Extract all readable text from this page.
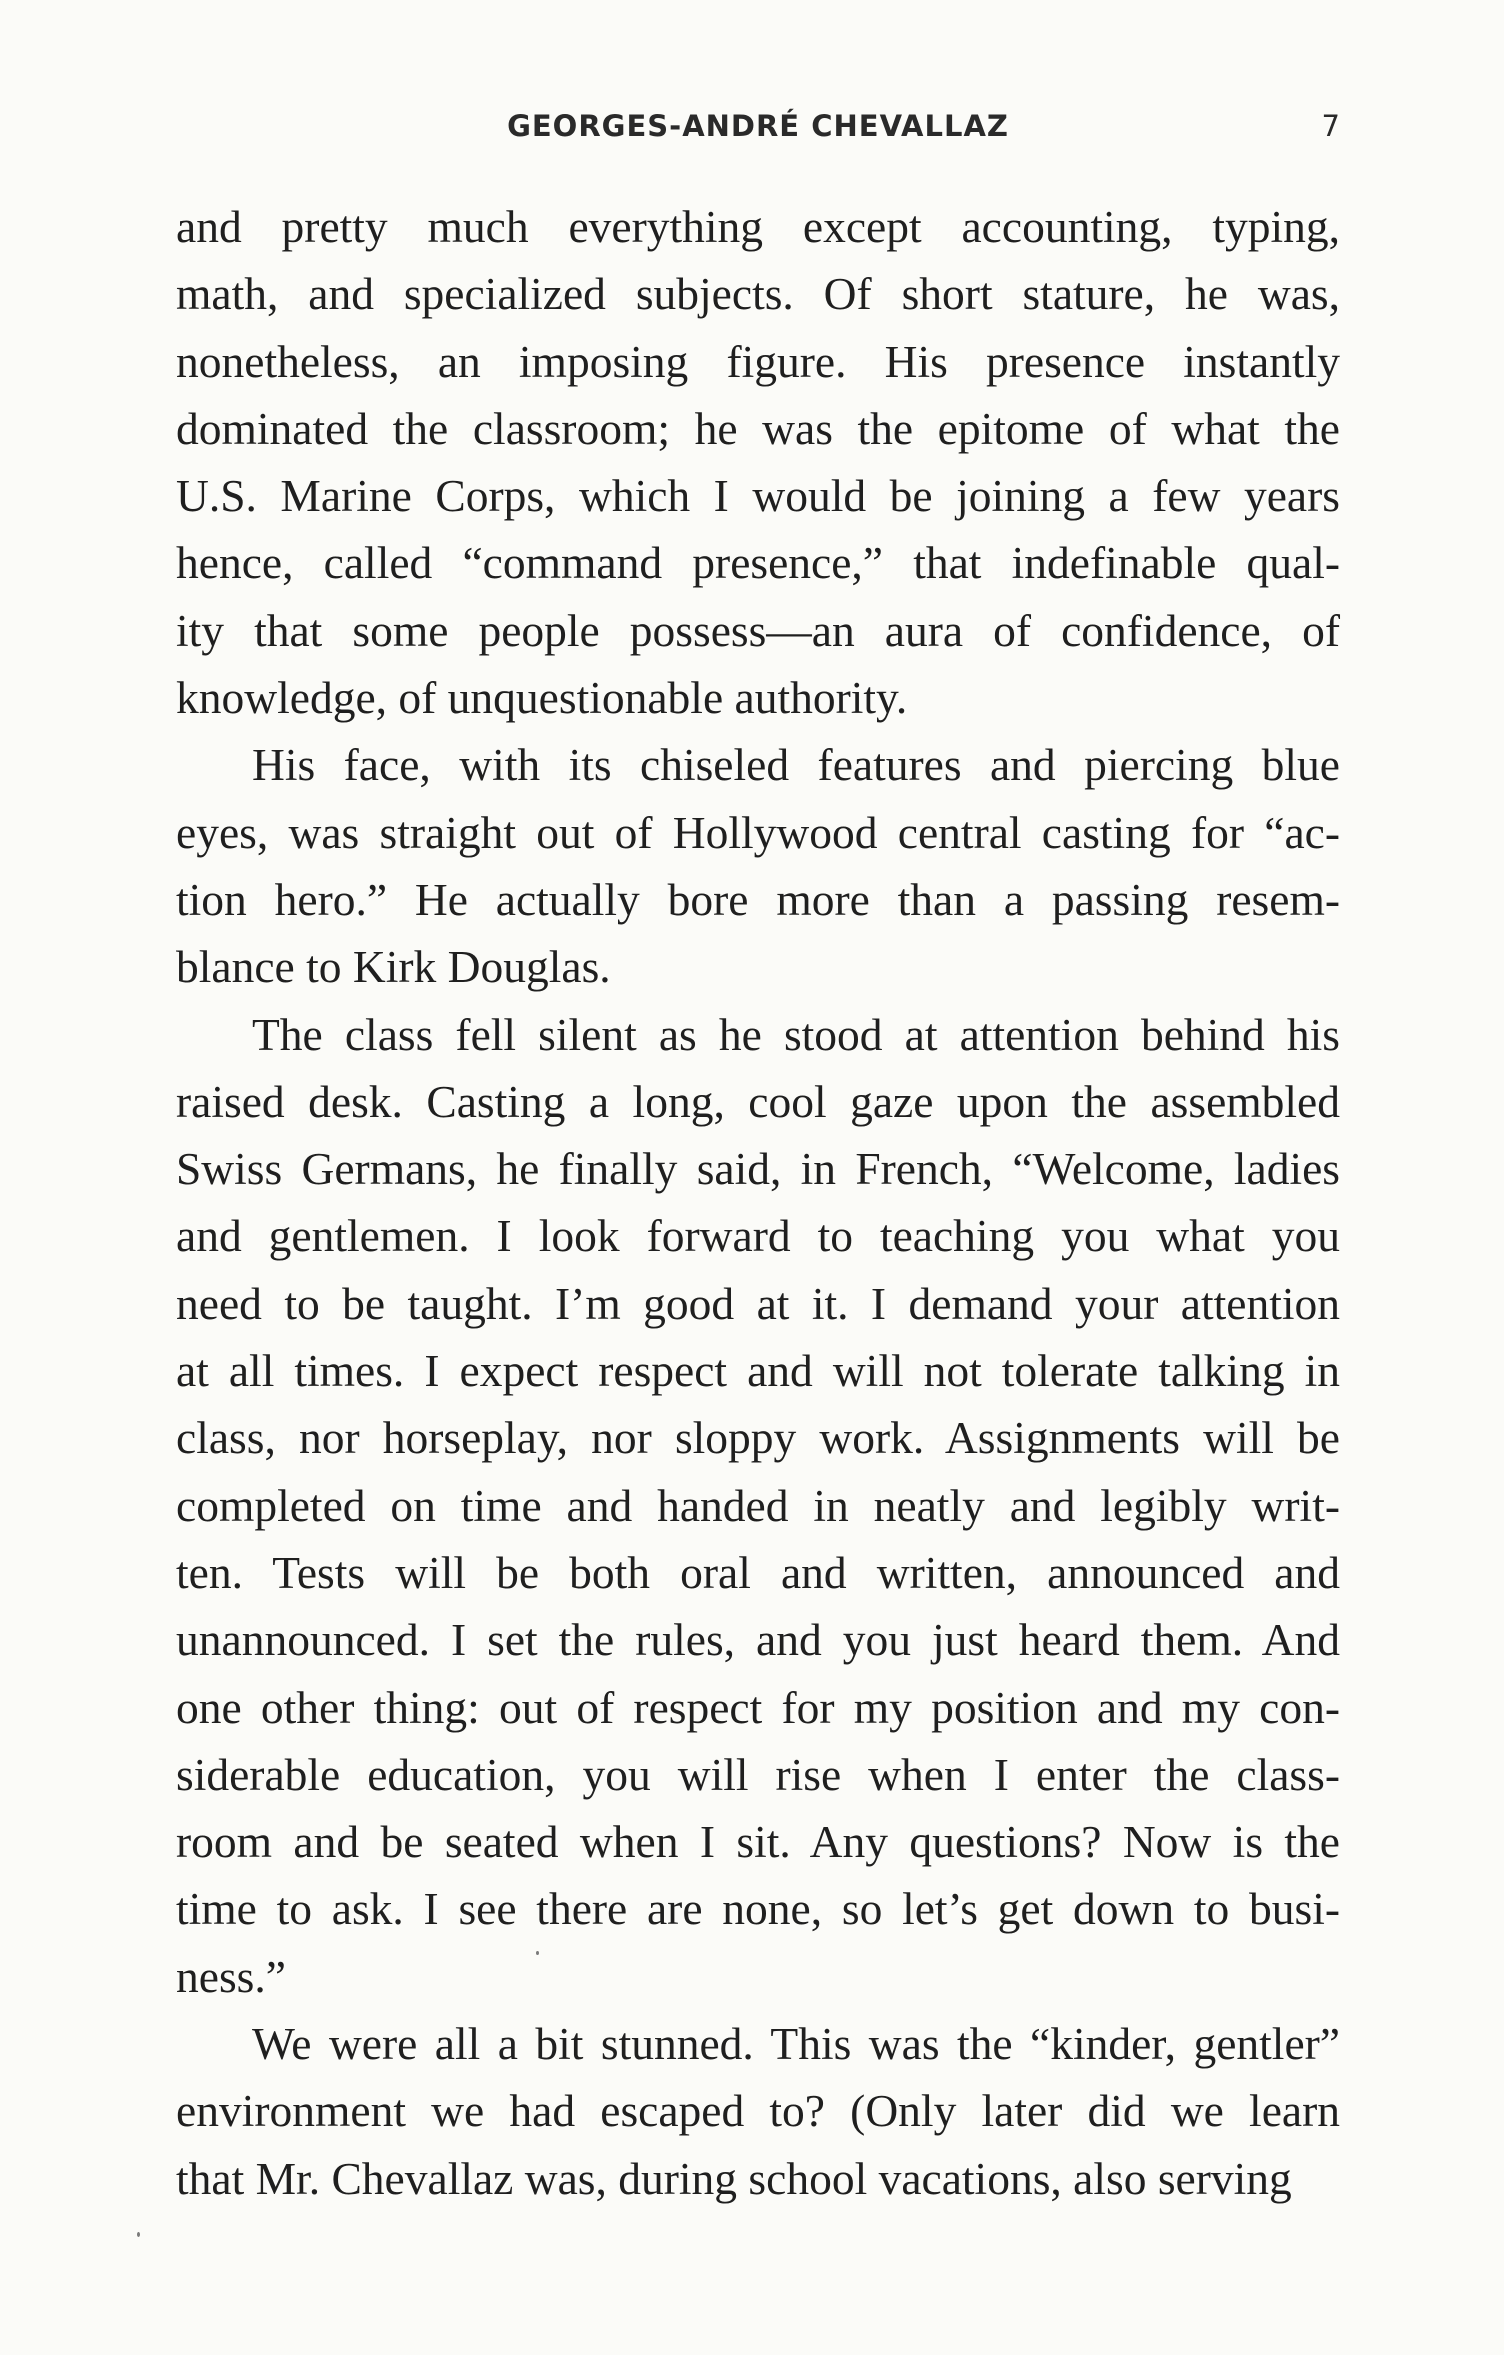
GEORGES-ANDRÉ CHEVALLAZ	7
and pretty much everything except accounting, typing,
math, and specialized subjects. Of short stature, he was,
nonetheless, an imposing figure. His presence instantly
dominated the classroom; he was the epitome of what the
U.S. Marine Corps, which I would be joining a few years
hence, called “command presence,” that indefinable qual-
ity that some people possess—an aura of confidence, of
knowledge, of unquestionable authority.
His face, with its chiseled features and piercing blue
eyes, was straight out of Hollywood central casting for “ac-
tion hero.” He actually bore more than a passing resem-
blance to Kirk Douglas.
The class fell silent as he stood at attention behind his
raised desk. Casting a long, cool gaze upon the assembled
Swiss Germans, he finally said, in French, “Welcome, ladies
and gentlemen. I look forward to teaching you what you
need to be taught. I’m good at it. I demand your attention
at all times. I expect respect and will not tolerate talking in
class, nor horseplay, nor sloppy work. Assignments will be
completed on time and handed in neatly and legibly writ-
ten. Tests will be both oral and written, announced and
unannounced. I set the rules, and you just heard them. And
one other thing: out of respect for my position and my con-
siderable education, you will rise when I enter the class-
room and be seated when I sit. Any questions? Now is the
time to ask. I see there are none, so let’s get down to busi-
ness.”
We were all a bit stunned. This was the “kinder, gentler”
environment we had escaped to? (Only later did we learn
that Mr. Chevallaz was, during school vacations, also serving
